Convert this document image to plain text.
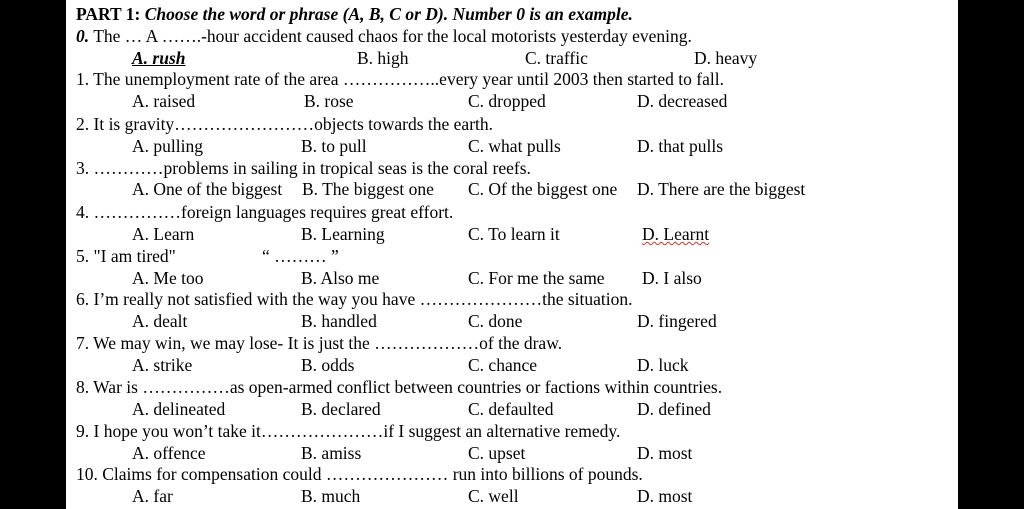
PART 1: Choose the word or phrase (A, B, C or D). Number 0 is an example.
0. The … A …….-hour accident caused chaos for the local motorists yesterday evening.
A. rush	B. high	C. traffic	D. heavy
1. The unemployment rate of the area ……………..every year until 2003 then started to fall.
A. raised	B. rose	C. dropped	D. decreased
2. It is gravity……………………objects towards the earth.
A. pulling	B. to pull	C. what pulls	D. that pulls
3. …………problems in sailing in tropical seas is the coral reefs.
A. One of the biggest B. The biggest one C. Of the biggest one D. There are the biggest
4. ……………foreign languages requires great effort.
A. Learn	B. Learning	C. To learn it	D. Learnt
5. "I am tired"	“ ……… ”
A. Me too	B. Also me	C. For me the same D. I also
6. I’m really not satisfied with the way you have …………………the situation.
A. dealt	B. handled	C. done	D. fingered
7. We may win, we may lose- It is just the ………………of the draw.
A. strike	B. odds	C. chance	D. luck
8. War is ……………as open-armed conflict between countries or factions within countries.
A. delineated	B. declared	C. defaulted	D. defined
9. I hope you won’t take it…………………if I suggest an alternative remedy.
A. offence	B. amiss	C. upset	D. most
10. Claims for compensation could ………………… run into billions of pounds.
A. far	B. much	C. well	D. most
